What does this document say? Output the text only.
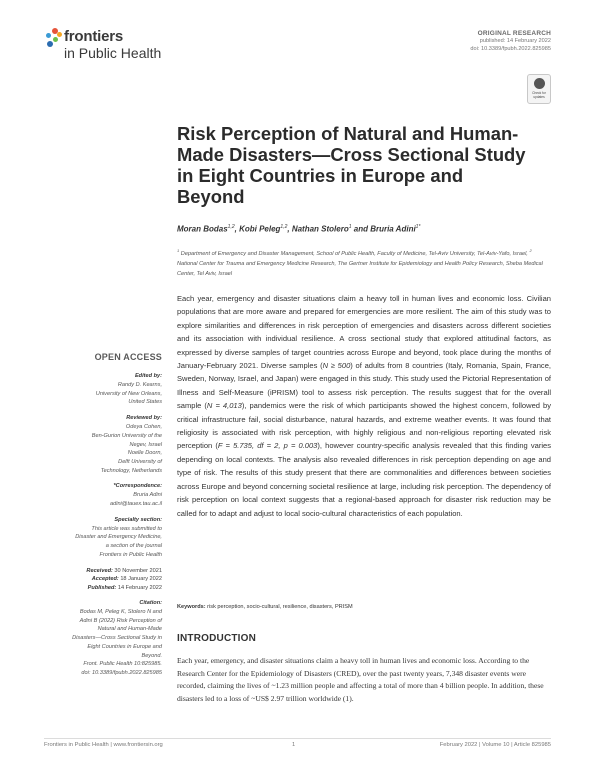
frontiers
in Public Health
ORIGINAL RESEARCH
published: 14 February 2022
doi: 10.3389/fpubh.2022.825985
Check for updates
Risk Perception of Natural and Human-Made Disasters—Cross Sectional Study in Eight Countries in Europe and Beyond
Moran Bodas$^{1,2}$, Kobi Peleg$^{1,2}$, Nathan Stolero$^1$ and Bruria Adini$^{1*}$
$^1$ Department of Emergency and Disaster Management, School of Public Health, Faculty of Medicine, Tel-Aviv University, Tel-Aviv-Yafo, Israel, $^2$ National Center for Trauma and Emergency Medicine Research, The Gertner Institute for Epidemiology and Health Policy Research, Sheba Medical Center, Tel Aviv, Israel
Each year, emergency and disaster situations claim a heavy toll in human lives and economic loss. Civilian populations that are more aware and prepared for emergencies are more resilient. The aim of this study was to explore similarities and differences in risk perception of emergencies and disasters across different societies and its association with individual resilience. A cross sectional study that explored attitudinal factors, as expressed by diverse samples of target countries across Europe and beyond, took place during the months of January-February 2021. Diverse samples (N ≥ 500) of adults from 8 countries (Italy, Romania, Spain, France, Sweden, Norway, Israel, and Japan) were engaged in this study. This study used the Pictorial Representation of Illness and Self-Measure (iPRISM) tool to assess risk perception. The results suggest that for the overall sample (N = 4,013), pandemics were the risk of which participants showed the highest concern, followed by critical infrastructure fail, social disturbance, natural hazards, and extreme weather events. It was found that religiosity is associated with risk perception, with highly religious and non-religious reporting elevated risk perception (F = 5.735, df = 2, p = 0.003), however country-specific analysis revealed that this finding varies depending on local contexts. The analysis also revealed differences in risk perception depending on age and type of risk. The results of this study present that there are commonalities and differences between societies across Europe and beyond concerning societal resilience at large, including risk perception. The dependency of risk perception on local context suggests that a regional-based approach for disaster risk reduction may be called for to adapt and adjust to local socio-cultural characteristics of each population.
Keywords: risk perception, socio-cultural, resilience, disasters, PRISM
INTRODUCTION
Each year, emergency, and disaster situations claim a heavy toll in human lives and economic loss. According to the Research Center for the Epidemiology of Disasters (CRED), over the past twenty years, 7,348 disaster events were recorded, claiming the lives of ~1.23 million people and affecting a total of more than 4 billion people. In addition, these disasters led to a loss of ~US$ 2.97 trillion worldwide (1).
OPEN ACCESS
Edited by:
Randy D. Kearns,
University of New Orleans,
United States
Reviewed by:
Odeya Cohen,
Ben-Gurion University of the
Negev, Israel
Noelle Doorn,
Delft University of
Technology, Netherlands
*Correspondence:
Bruria Adini
adini@tauex.tau.ac.il
Specialty section:
This article was submitted to
Disaster and Emergency Medicine,
a section of the journal
Frontiers in Public Health
Received: 30 November 2021
Accepted: 18 January 2022
Published: 14 February 2022
Citation:
Bodas M, Peleg K, Stolero N and
Adini B (2022) Risk Perception of
Natural and Human-Made
Disasters—Cross Sectional Study in
Eight Countries in Europe and
Beyond.
Front. Public Health 10:825985.
doi: 10.3389/fpubh.2022.825985
Frontiers in Public Health | www.frontiersin.org	1	February 2022 | Volume 10 | Article 825985
